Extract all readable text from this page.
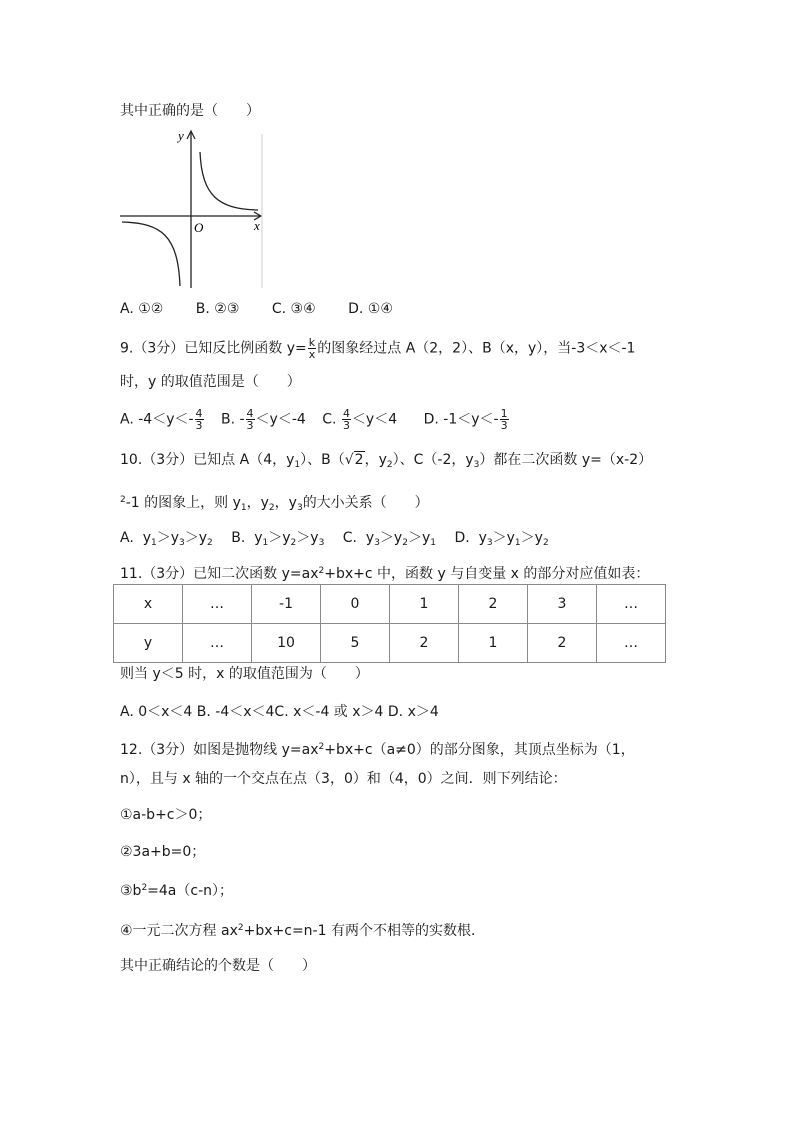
其中正确的是（　　）
y
x
O
A. ①② B. ②③ C. ③④ D. ①④
9.（3分）已知反比例函数 $y= \frac{k}{x}$ 的图象经过点 A（2，2）、B（x，y），当-3＜x＜-1
时，y 的取值范围是（　　）
A. $-4<y<- \frac{4}{3} B$. - $\frac{4}{3} <y<-4$ C. $\frac{4}{3} <y<4$ D. $-1<y<- \frac{1}{3}$
10.（3分）已知点 A（4，$y_1$）、B（√2，$y_2$）、C（-2，$y_3$）都在二次函数 y=（x-2）
$^2$-1 的图象上，则 $y_1$，$y_2$，$y_3$的大小关系（　　）
A. $y_1>y_3>y_2$ B. $y_1>y_2>y_3$ C. $y_3>y_2>y_1$ D. $y_3>y_1>y_2$
11.（3分）已知二次函数 $y=ax^2+bx+c$ 中，函数 y 与自变量 x 的部分对应值如表：
x	…	-1	0	1	2	3	…
y	…	10	5	2	1	2	…
则当 y＜5 时，x 的取值范围为（　　）
A. 0＜x＜4 B. -4＜x＜4C. x＜-4 或 x＞4 D. x＞4
12.（3分）如图是抛物线 $y=ax^2+bx+c(a\ne 0)$的部分图象，其顶点坐标为（1，
n），且与 x 轴的一个交点在点（3，0）和（4，0）之间．则下列结论：
①a-b+c＞0；
②3a+b=0；
$③b^2=4a(c-n)$；
④一元二次方程 $ax^2+bx+c=n-1$ 有两个不相等的实数根．
其中正确结论的个数是（　　）
